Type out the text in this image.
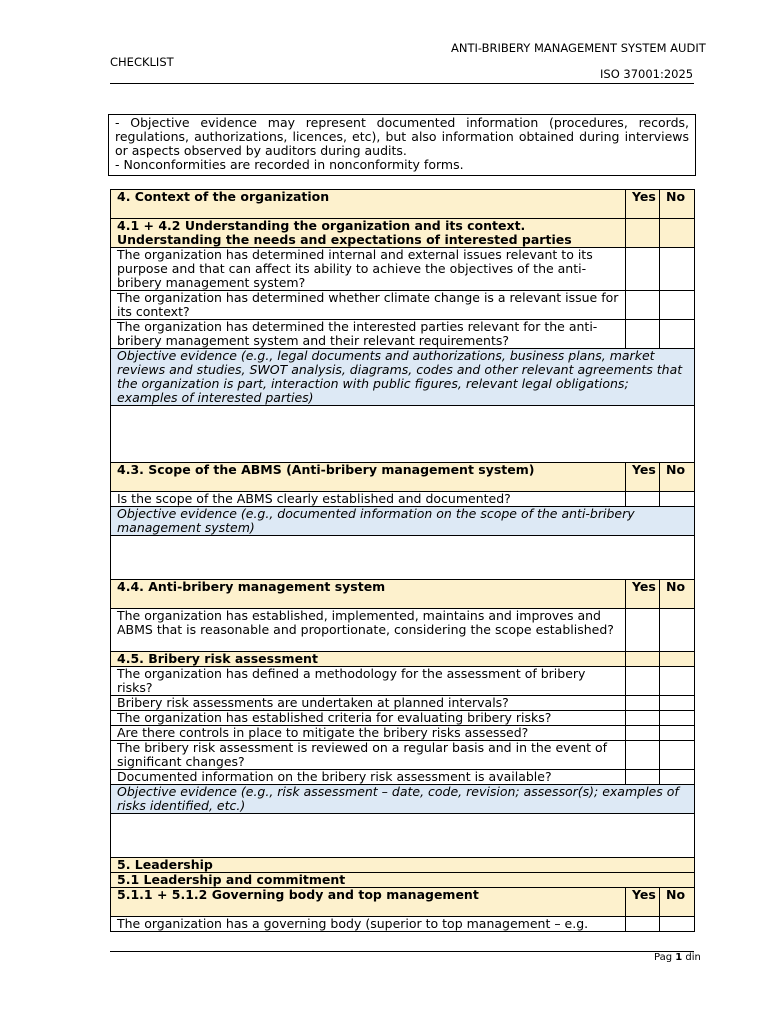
ANTI-BRIBERY MANAGEMENT SYSTEM AUDIT
CHECKLIST
ISO 37001:2025
- Objective evidence may represent documented information (procedures, records, regulations, authorizations, licences, etc), but also information obtained during interviews or aspects observed by auditors during audits.
- Nonconformities are recorded in nonconformity forms.
4. Context of the organization	Yes	No
4.1 + 4.2 Understanding the organization and its context. Understanding the needs and expectations of interested parties		
The organization has determined internal and external issues relevant to its purpose and that can affect its ability to achieve the objectives of the anti-bribery management system?		
The organization has determined whether climate change is a relevant issue for its context?		
The organization has determined the interested parties relevant for the anti-bribery management system and their relevant requirements?		
Objective evidence (e.g., legal documents and authorizations, business plans, market reviews and studies, SWOT analysis, diagrams, codes and other relevant agreements that the organization is part, interaction with public figures, relevant legal obligations; examples of interested parties)		

4.3. Scope of the ABMS (Anti-bribery management system)	Yes	No
Is the scope of the ABMS clearly established and documented?		
Objective evidence (e.g., documented information on the scope of the anti-bribery management system)		

4.4. Anti-bribery management system	Yes	No
The organization has established, implemented, maintains and improves and ABMS that is reasonable and proportionate, considering the scope established?		
4.5. Bribery risk assessment		
The organization has defined a methodology for the assessment of bribery risks?		
Bribery risk assessments are undertaken at planned intervals?		
The organization has established criteria for evaluating bribery risks?		
Are there controls in place to mitigate the bribery risks assessed?		
The bribery risk assessment is reviewed on a regular basis and in the event of significant changes?		
Documented information on the bribery risk assessment is available?		
Objective evidence (e.g., risk assessment – date, code, revision; assessor(s); examples of risks identified, etc.)		

5. Leadership		
5.1 Leadership and commitment		
5.1.1 + 5.1.2 Governing body and top management	Yes	No
The organization has a governing body (superior to top management – e.g.		
Pag 1 din
